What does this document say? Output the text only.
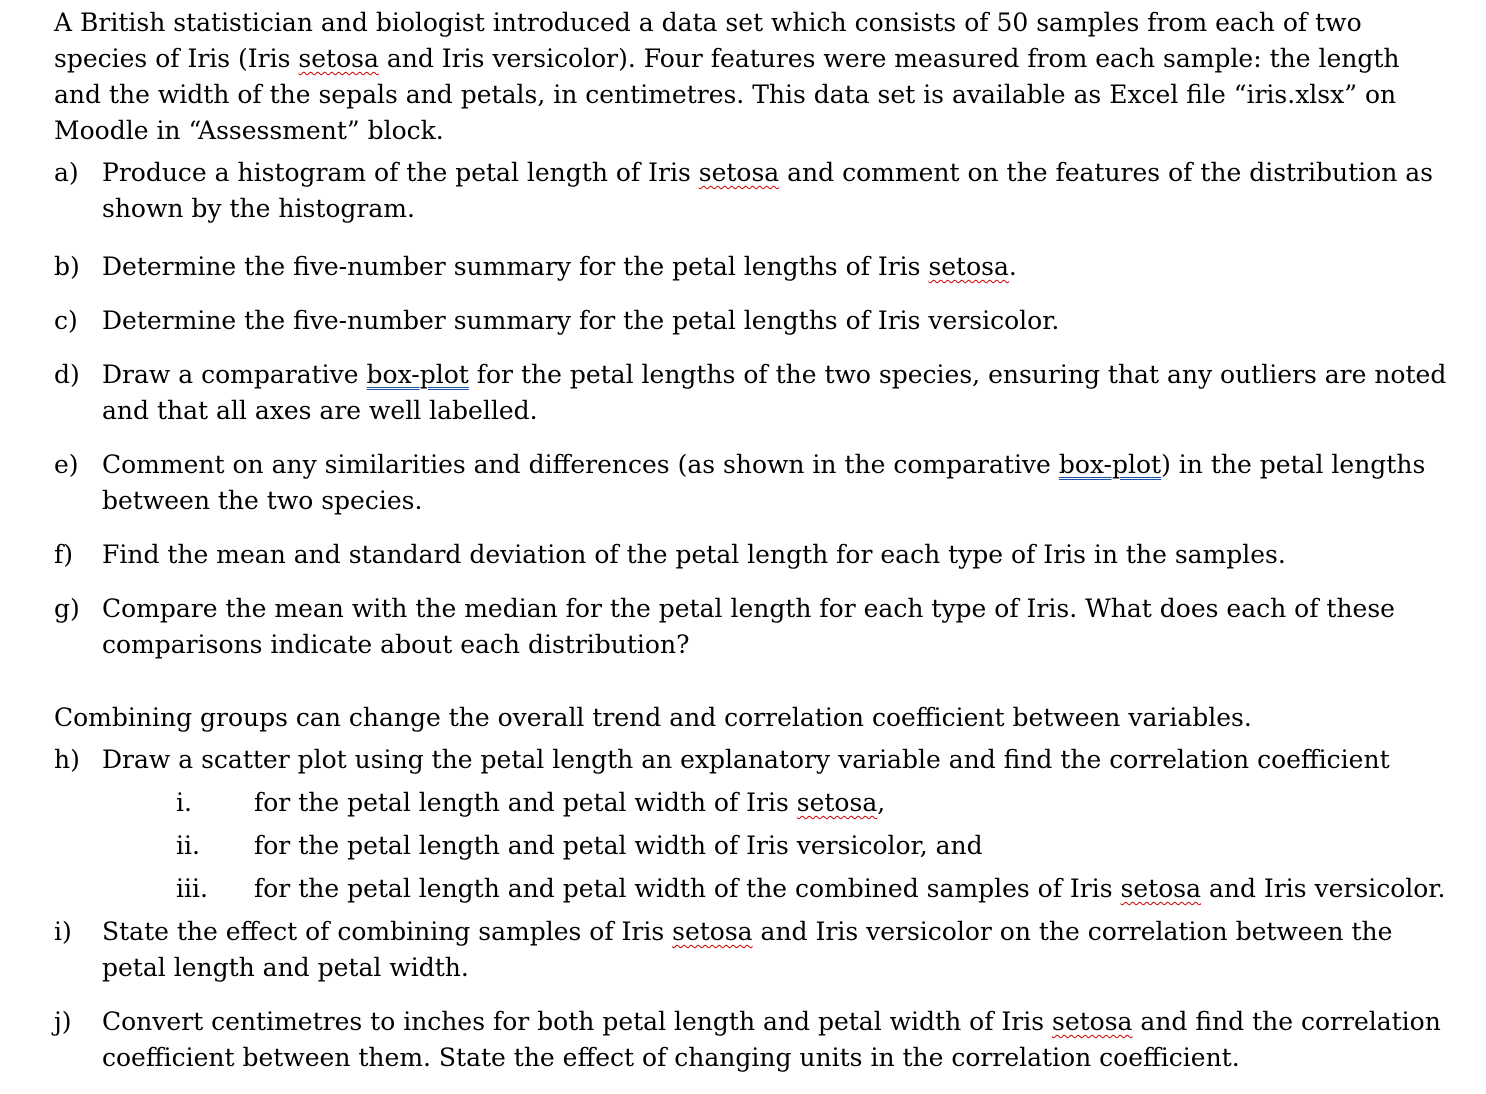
A British statistician and biologist introduced a data set which consists of 50 samples from each of two species of Iris (Iris setosa and Iris versicolor). Four features were measured from each sample: the length and the width of the sepals and petals, in centimetres. This data set is available as Excel file “iris.xlsx” on Moodle in “Assessment” block.

a) Produce a histogram of the petal length of Iris setosa and comment on the features of the distribution as shown by the histogram.
b) Determine the five-number summary for the petal lengths of Iris setosa.
c) Determine the five-number summary for the petal lengths of Iris versicolor.
d) Draw a comparative box-plot for the petal lengths of the two species, ensuring that any outliers are noted and that all axes are well labelled.
e) Comment on any similarities and differences (as shown in the comparative box-plot) in the petal lengths between the two species.
f) Find the mean and standard deviation of the petal length for each type of Iris in the samples.
g) Compare the mean with the median for the petal length for each type of Iris. What does each of these comparisons indicate about each distribution?

Combining groups can change the overall trend and correlation coefficient between variables.

h) Draw a scatter plot using the petal length an explanatory variable and find the correlation coefficient
i. for the petal length and petal width of Iris setosa,
ii. for the petal length and petal width of Iris versicolor, and
iii. for the petal length and petal width of the combined samples of Iris setosa and Iris versicolor.
i) State the effect of combining samples of Iris setosa and Iris versicolor on the correlation between the petal length and petal width.
j) Convert centimetres to inches for both petal length and petal width of Iris setosa and find the correlation coefficient between them. State the effect of changing units in the correlation coefficient.
